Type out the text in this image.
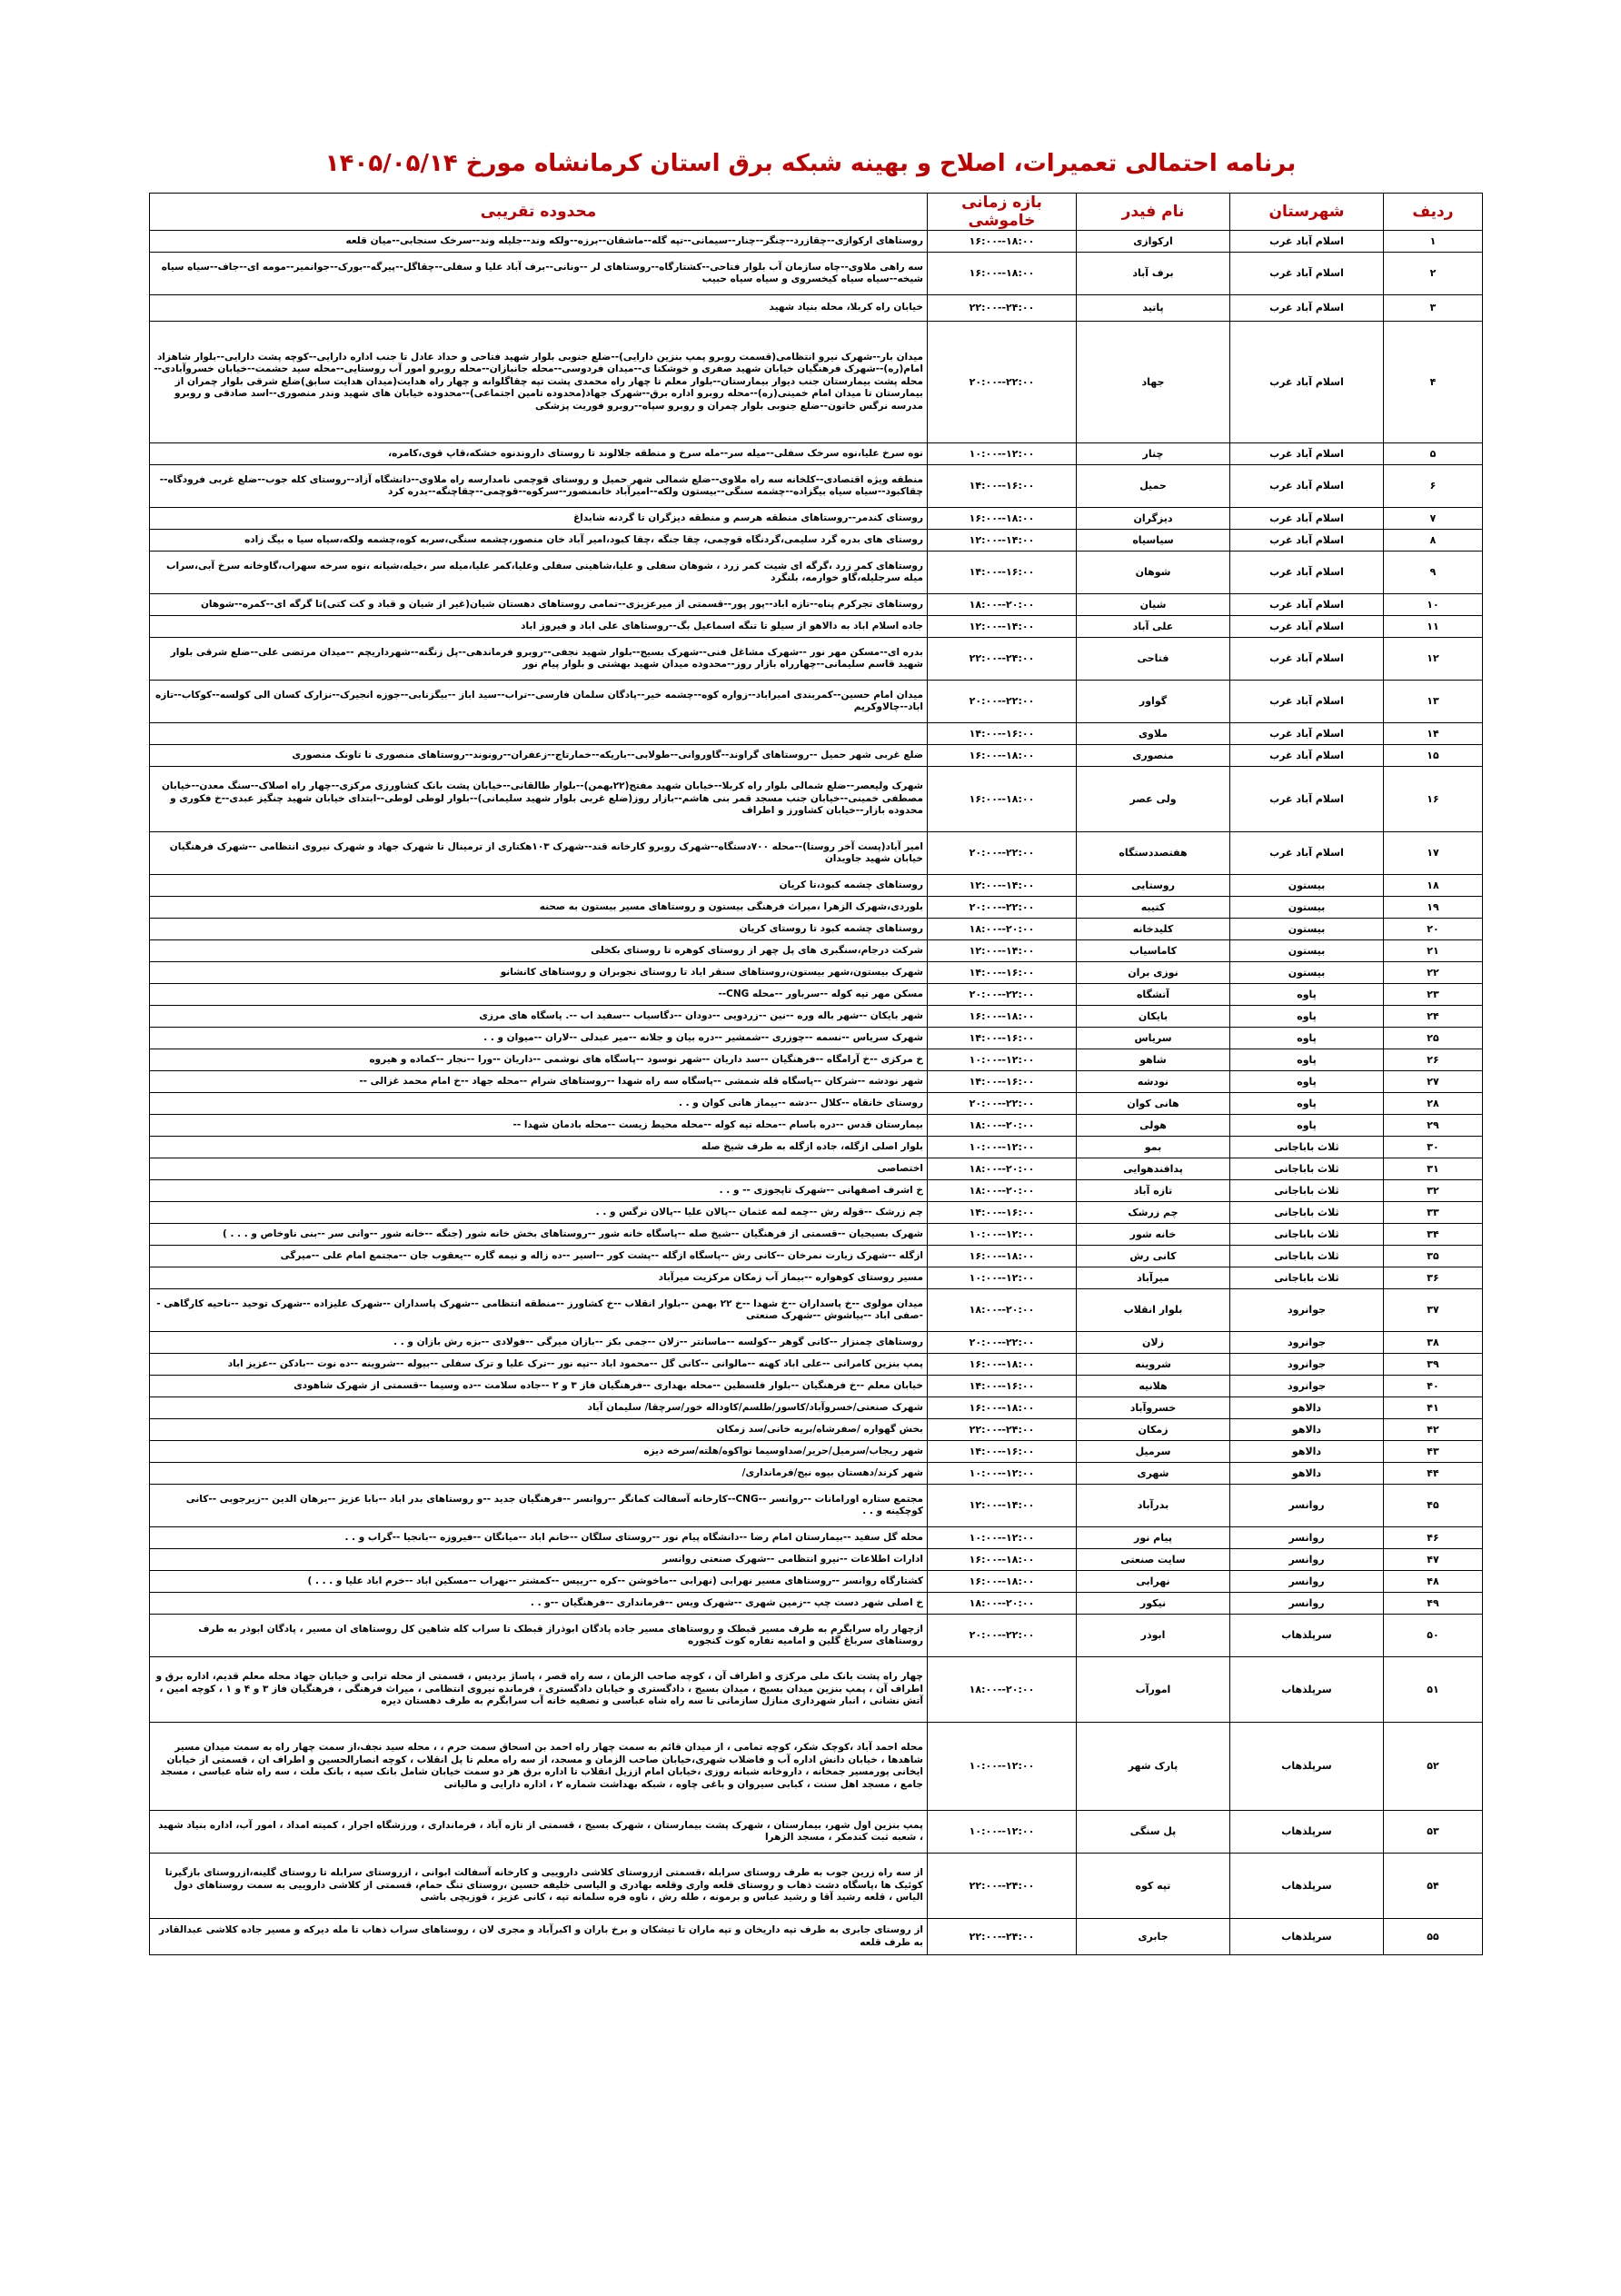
برنامه احتمالی تعمیرات، اصلاح و بهینه شبکه برق استان کرمانشاه مورخ ۱۴۰۵/۰۵/۱۴
ردیف	شهرستان	نام فیدر	بازه زمانی خاموشی	محدوده تقریبی
۱	اسلام آباد غرب	ارکوازی	۱۶:۰۰--۱۸:۰۰	روستاهای ارکوازی--چقازرد--چنگر--چنار--سیمانی--تپه گله--ماشقان--برزه--ولکه وند--جلیله وند--سرخک سنجابی--میان قلعه
۲	اسلام آباد غرب	برف آباد	۱۶:۰۰--۱۸:۰۰	سه راهی ملاوی--چاه سازمان آب بلوار فتاحی--کشتارگاه--روستاهای لر --ونانی--برف آباد علیا و سفلی--چقاگل--پیرگه--بورک--جوانمیر--مومه ای--جاف--سیاه سیاه شیخه--سیاه سیاه کیخسروی و سیاه سیاه حبیب
۳	اسلام آباد غرب	پاتید	۲۲:۰۰--۲۴:۰۰	خیابان راه کربلا، محله بنیاد شهید
۴	اسلام آباد غرب	جهاد	۲۰:۰۰--۲۲:۰۰	میدان بار--شهرک نیرو انتظامی(قسمت روبرو پمپ بنزین دارایی)--ضلع جنوبی بلوار شهید فتاحی و حداد عادل تا جنب اداره دارایی--کوچه پشت دارایی--بلوار شاهزاد امام(ره)--شهرک فرهنگیان خیابان شهید صفری و خوشکنا ی--میدان فردوسی--محله جانبازان--محله روبرو امور آب روستایی--محله سید حشمت--خیابان خسروآبادی--محله پشت بیمارستان جنب دیوار بیمارستان--بلوار معلم تا چهار راه محمدی پشت تپه چقاگلوانه و چهار راه هدایت(میدان هدایت سابق)ضلع شرقی بلوار چمران از بیمارستان تا میدان امام خمینی(ره)--محله روبرو اداره برق--شهرک جهاد(محدوده تامین اجتماعی)--محدوده خیابان های شهید وندر منصوری--اسد صادقی و روبرو مدرسه نرگس خاتون--ضلع جنوبی بلوار چمران و روبرو سپاه--روبرو فوریت پزشکی
۵	اسلام آباد غرب	چنار	۱۰:۰۰--۱۲:۰۰	نوه سرخ علیا،نوه سرخک سفلی--میله سر--مله سرخ و منطقه جلالوند تا روستای داروندنوه خشکه،قاپ قوی،کامره،
۶	اسلام آباد غرب	حمیل	۱۴:۰۰--۱۶:۰۰	منطقه ویژه اقتصادی--کلخانه سه راه ملاوی--ضلع شمالی شهر حمیل و روستای قوچمی نامدارسه راه ملاوی--دانشگاه آزاد--روستای کله جوب--ضلع غربی فرودگاه--چقاکبود--سیاه سیاه بیگزاده--چشمه سنگی--بیستون ولکه--امیرآباد خانمنصور--سرکوه--قوچمی--چقاچنگه--بدره کرد
۷	اسلام آباد غرب	دیزگران	۱۶:۰۰--۱۸:۰۰	روستای کندمر--روستاهای منطقه هرسم و منطقه دیزگران تا گردنه شابداغ
۸	اسلام آباد غرب	سیاسیاه	۱۲:۰۰--۱۴:۰۰	روستای های بدره گرد سلیمی،گردنگاه قوچمی، چقا جنگه ،چقا کبود،امیر آباد خان منصور،چشمه سنگی،سربه کوه،چشمه ولکه،سیاه سیا ه بیگ زاده
۹	اسلام آباد غرب	شوهان	۱۴:۰۰--۱۶:۰۰	روستاهای کمر زرد ،گرگه ای شیت کمر زرد ، شوهان سفلی و علیا،شاهینی سفلی وعلیا،کمر علیا،میله سر ،خیله،شیانه ،نوه سرخه سهراب،گاوخانه سرخ آبی،سراب میله سرجلیله،گاو خوارمه، بلنگرد
۱۰	اسلام آباد غرب	شیان	۱۸:۰۰--۲۰:۰۰	روستاهای تجرکرم پناه--تازه اباد--پور پور--قسمتی از میرعزیزی--تمامی روستاهای دهستان شیان(غیر از شیان و قباد و کت کتی)تا گرگه ای--کمره--شوهان
۱۱	اسلام آباد غرب	علی آباد	۱۲:۰۰--۱۴:۰۰	جاده اسلام اباد به دالاهو از سیلو تا تنگه اسماعیل بگ--روستاهای علی اباد و فیروز اباد
۱۲	اسلام آباد غرب	فتاحی	۲۲:۰۰--۲۴:۰۰	بدره ای--مسکن مهر نور --شهرک مشاغل فنی--شهرک بسیج--بلوار شهید نجفی--روبرو فرماندهی--پل زنگنه--شهرداریچم --میدان مرتضی علی--ضلع شرقی بلوار شهید قاسم سلیمانی--چهارراه بازار روز--محدوده میدان شهید بهشتی و بلوار پیام نور
۱۳	اسلام آباد غرب	گواور	۲۰:۰۰--۲۲:۰۰	میدان امام حسین--کمربندی امیراباد--زواره کوه--چشمه خیر--پادگان سلمان فارسی--تراب--سید اباز --بیگزنابی--جوزه انجیرک--نزارک کسان الی کولسه--کوکاب--تازه اباد--چالاوکریم
۱۴	اسلام آباد غرب	ملاوی	۱۴:۰۰--۱۶:۰۰	
۱۵	اسلام آباد غرب	منصوری	۱۶:۰۰--۱۸:۰۰	ضلع غربی شهر حمیل --روستاهای گراوند--گاوروانی--طولابی--باریکه--خمارتاج--زعفران--رونوند--روستاهای منصوری تا تاونک منصوری
۱۶	اسلام آباد غرب	ولی عصر	۱۶:۰۰--۱۸:۰۰	شهرک ولیعصر--ضلع شمالی بلوار راه کربلا--خیابان شهید مفتح(۲۲بهمن)--بلوار طالقانی--خیابان پشت بانک کشاورزی مرکزی--چهار راه اصلاک--سنگ معدن--خیابان مصطفی خمینی--خیابان جنب مسجد قمر بنی هاشم--بازار روز(ضلع غربی بلوار شهید سلیمانی)--بلوار لوطی لوطی--ابتدای خیابان شهید چنگیز عبدی--خ فکوری و محدوده بازار--خیابان کشاورز و اطراف
۱۷	اسلام آباد غرب	هفتصددستگاه	۲۰:۰۰--۲۲:۰۰	امیر آباد(پست آخر روستا)--محله ۷۰۰دستگاه--شهرک روبرو کارخانه قند--شهرک ۱۰۳هکتاری از ترمینال تا شهرک جهاد و شهرک نیروی انتظامی --شهرک فرهنگیان خیابان شهید جاویدان
۱۸	بیستون	روستایی	۱۲:۰۰--۱۴:۰۰	روستاهای چشمه کبود،تا کریان
۱۹	بیستون	کتیبه	۲۰:۰۰--۲۲:۰۰	بلوردی،شهرک الزهرا ،میراث فرهنگی بیستون و روستاهای مسیر بیستون به صحنه
۲۰	بیستون	کلیدخانه	۱۸:۰۰--۲۰:۰۰	روستاهای چشمه کبود تا روستای کریان
۲۱	بیستون	کاماسیاب	۱۲:۰۰--۱۴:۰۰	شرکت درجام،سنگبری های پل چهر از روستای کوهره تا روستای بکخلی
۲۲	بیستون	نوزی بران	۱۴:۰۰--۱۶:۰۰	شهرک بیستون،شهر بیستون،روستاهای سنقر اباد تا روستای نجوبران و روستاهای کانشانو
۲۳	پاوه	آتشگاه	۲۰:۰۰--۲۲:۰۰	مسکن مهر تپه کوله --سرباور --محله CNG--
۲۴	پاوه	بایکان	۱۶:۰۰--۱۸:۰۰	شهر بایکان --شهر باله وره --نین --زردویی --دودان --دگاسیاب --سفید اب --. پاسگاه های مرزی
۲۵	پاوه	سریاس	۱۴:۰۰--۱۶:۰۰	شهرک سریاس --نسمه --چوزری --شمشیر --دره بیان و جلانه --میر عبدلی --لاران --میوان و . .
۲۶	پاوه	شاهو	۱۰:۰۰--۱۲:۰۰	خ مرکزی --خ آرامگاه --فرهنگیان --سد داریان --شهر نوسود --پاسگاه های نوشمی --داریان --ورا --نجار --کماده و هیروه
۲۷	پاوه	نودشه	۱۴:۰۰--۱۶:۰۰	شهر نودشه --شرکان --پاسگاه قله شمشی --پاسگاه سه راه شهدا --روستاهای شرام --محله جهاد --خ امام محمد غزالی --
۲۸	پاوه	هانی کوان	۲۰:۰۰--۲۲:۰۰	روستای خانقاه --کلال --دشه --بیماز هانی کوان و . .
۲۹	پاوه	هولی	۱۸:۰۰--۲۰:۰۰	بیمارستان قدس --دره باسام --محله تپه کوله --محله محیط زیست --محله بادمان شهدا --
۳۰	ثلاث باباجانی	بمو	۱۰:۰۰--۱۲:۰۰	بلوار اصلی ازگله، جاده ازگله به طرف شیخ صله
۳۱	ثلاث باباجانی	پدافندهوایی	۱۸:۰۰--۲۰:۰۰	اختصاصی
۳۲	ثلاث باباجانی	تازه آباد	۱۸:۰۰--۲۰:۰۰	خ اشرف اصفهانی --شهرک تاپجوزی -- و . .
۳۳	ثلاث باباجانی	چم زرشک	۱۴:۰۰--۱۶:۰۰	چم زرشک --قوله رش --چمه لمه عثمان --پالان علیا --پالان نرگس و . .
۳۴	ثلاث باباجانی	خانه شور	۱۰:۰۰--۱۲:۰۰	شهرک بسیجیان --قسمتی از فرهنگیان --شیخ صله --پاسگاه خانه شور --روستاهای بخش خانه شور (جنگه --خانه شور --وانی سر --بنی ناوخاص و . . . )
۳۵	ثلاث باباجانی	کانی رش	۱۶:۰۰--۱۸:۰۰	ازگله --شهرک زیارت نمرخان --کانی رش --پاسگاه ازگله --پشت کور --اسیر --ده زاله و نیمه گاره --یعقوب جان --مجتمع امام علی --میرگی
۳۶	ثلاث باباجانی	میرآباد	۱۰:۰۰--۱۲:۰۰	مسیر روستای کوهواره --بیماز آب زمکان مرکزیت میرآباد
۳۷	جوانرود	بلوار انقلاب	۱۸:۰۰--۲۰:۰۰	میدان مولوی --خ پاسداران --خ شهدا --خ ۲۲ بهمن --بلوار انقلاب --خ کشاورز --منطقه انتظامی --شهرک پاسداران --شهرک علیزاده --شهرک توحید --ناحیه کارگاهی --صفی اباد --بیاشوش --شهرک صنعتی
۳۸	جوانرود	زلان	۲۰:۰۰--۲۲:۰۰	روستاهای چمنزار --کانی گوهر --کولسه --ماسانتر --زلان --جمی بکز --بازان میرگی --فولادی --بزه رش بازان و . .
۳۹	جوانرود	شروینه	۱۶:۰۰--۱۸:۰۰	پمپ بنزین کامرانی --علی اباد کهنه --مالوانی --کانی گل --محمود اباد --تپه نور --ترک علیا و ترک سفلی --بیوله --شروینه --ده نوت --بادکن --عزیز اباد
۴۰	جوانرود	هلانیه	۱۴:۰۰--۱۶:۰۰	خیابان معلم --خ فرهنگیان --بلوار فلسطین --محله بهداری --فرهنگیان فاز ۳ و ۲ --جاده سلامت --ده وسیما --قسمتی از شهرک شاهودی
۴۱	دالاهو	خسروآباد	۱۶:۰۰--۱۸:۰۰	شهرک صنعتی/خسروآباد/کاسور/طلسم/کاوداله خور/سرچقا/ سلیمان آباد
۴۲	دالاهو	زمکان	۲۲:۰۰--۲۴:۰۰	بخش گهواره /صفرشاه/بریه خانی/سد زمکان
۴۳	دالاهو	سرمیل	۱۴:۰۰--۱۶:۰۰	شهر ریجاب/سرمیل/حریر/صداوسیما نواکوه/هلته/سرخه دیزه
۴۴	دالاهو	شهری	۱۰:۰۰--۱۲:۰۰	شهر کرند/دهستان بیوه نیج/فرمانداری/
۴۵	روانسر	بدرآباد	۱۲:۰۰--۱۴:۰۰	مجتمع ستاره اورامانات --روانسر --CNG--کارخانه آسفالت کمانگر --روانسر --فرهنگیان جدید --و روستاهای بدر اباد --بابا عزیز --برهان الدین --زیرجوبی --کانی کوچکینه و . .
۴۶	روانسر	پیام نور	۱۰:۰۰--۱۲:۰۰	محله گل سفید --بیمارستان امام رضا --دانشگاه پیام نور --روستای سلگان --خانم اباد --میانگان --فیروزه --بانجیا --گراب و . .
۴۷	روانسر	سایت صنعتی	۱۶:۰۰--۱۸:۰۰	ادارات اطلاعات --نیرو انتظامی --شهرک صنعتی روانسر
۴۸	روانسر	نهرابی	۱۶:۰۰--۱۸:۰۰	کشتارگاه روانسر --روستاهای مسیر نهرابی (نهرابی --ماخوشن --کره --رییس --کمشتر --نهراب --مسکین اباد --خرم اباد علیا و . . . )
۴۹	روانسر	نیکور	۱۸:۰۰--۲۰:۰۰	خ اصلی شهر دست چپ --زمین شهری --شهرک ویس --فرمانداری --فرهنگیان --و . .
۵۰	سرپلذهاب	ابوذر	۲۰:۰۰--۲۲:۰۰	ازچهار راه سرابگرم به طرف مسیر قبطک و روستاهای مسیر جاده پادگان ابوذراز قبطک تا سراب کله شاهین کل روستاهای ان مسیر ، پادگان ابوذر به طرف روستاهای سرباغ گلین و امامیه تفاره کوت کنجوره
۵۱	سرپلذهاب	امورآب	۱۸:۰۰--۲۰:۰۰	چهار راه پشت بانک ملی مرکزی و اطراف آن ، کوچه صاحب الزمان ، سه راه قصر ، پاساژ بردیس ، قسمتی از محله ترابی و خیابان جهاد محله معلم قدیم، اداره برق و اطراف آن ، پمپ بنزین میدان بسیج ، میدان بسیج ، دادگستری و خیابان دادگستری ، فرمانده نیروی انتظامی ، میراث فرهنگی ، فرهنگیان فاز ۳ و ۴ و ۱ ، کوچه امین ، آتش نشانی ، انبار شهرداری منازل سازمانی تا سه راه شاه عباسی و تصفیه خانه آب سرابگرم به طرف دهستان دیره
۵۲	سرپلذهاب	پارک شهر	۱۰:۰۰--۱۲:۰۰	محله احمد آباد ،کوچک شکر، کوچه تمامی ، از میدان قائم به سمت چهار راه احمد بن اسحاق سمت حرم ، ، محله سید نجف،از سمت چهار راه به سمت میدان مسیر شاهدها ، خیابان دانش اداره آب و فاضلاب شهری،خیابان صاحب الزمان و مسجد، از سه راه معلم تا پل انقلاب ، کوچه انصارالحسین و اطراف ان ، قسمتی از خیابان ایخانی پورمسیر جمخانه ، داروخانه شبانه روزی ،خیابان امام اززیل انقلاب تا اداره برق هر دو سمت خیابان شامل بانک سپه ، بانک ملت ، سه راه شاه عباسی ، مسجد جامع ، مسجد اهل سنت ، کبابی سیروان و باغی چاوه ، شبکه بهداشت شماره ۲ ، اداره دارایی و مالیاتی
۵۳	سرپلذهاب	پل سنگی	۱۰:۰۰--۱۲:۰۰	پمپ بنزین اول شهر، بیمارستان ، شهرک پشت بیمارستان ، شهرک بسیج ، قسمتی از تازه آباد ، فرمانداری ، ورزشگاه اجرار ، کمیته امداد ، امور آب، اداره بنیاد شهید ، شعبه ثبت کندمکر ، مسجد الزهرا
۵۴	سرپلذهاب	تپه کوه	۲۲:۰۰--۲۴:۰۰	از سه راه زرین جوب به طرف روستای سرابله ،قسمتی ازروستای کلاشی داروییی و کارخانه آسفالت ابوانی ، ازروستای سرابله تا روستای گلینه،ازروستای بازگیرتا کوئیک ها ،پاسگاه دشت ذهاب و روستای قلعه واری وقلعه بهادری و الیاسی خلیفه حسین ،روستای تنگ حمام، قسمتی از کلاشی داروییی به سمت روستاهای دول الیاس ، قلعه رشید آقا و رشید عباس و برمونه ، طله رش ، ناوه فره سلمانه تپه ، کانی عزیز ، قوزیچی باشی
۵۵	سرپلذهاب	جابری	۲۲:۰۰--۲۴:۰۰	از روستای جابری به طرف تپه داریخان و تپه ماران تا تیشکان و برخ باران و اکبرآباد و مجری لان ، روستاهای سراب ذهاب تا مله دیرکه و مسیر جاده کلاشی عبدالقادر به طرف قلعه
